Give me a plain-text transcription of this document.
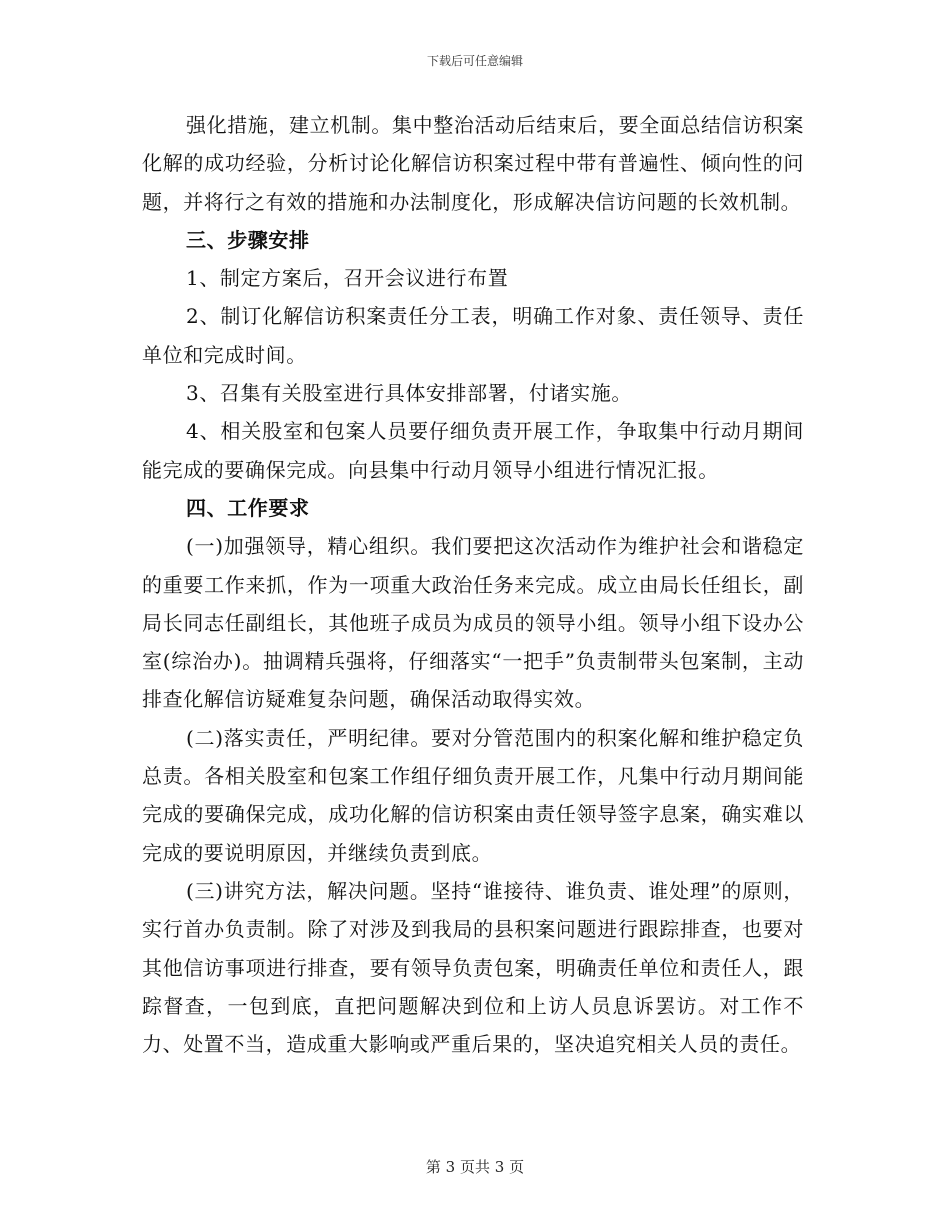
下载后可任意编辑

强化措施，建立机制。集中整治活动后结束后，要全面总结信访积案化解的成功经验，分析讨论化解信访积案过程中带有普遍性、倾向性的问题，并将行之有效的措施和办法制度化，形成解决信访问题的长效机制。

三、步骤安排

1、制定方案后，召开会议进行布置

2、制订化解信访积案责任分工表，明确工作对象、责任领导、责任单位和完成时间。

3、召集有关股室进行具体安排部署，付诸实施。

4、相关股室和包案人员要仔细负责开展工作，争取集中行动月期间能完成的要确保完成。向县集中行动月领导小组进行情况汇报。

四、工作要求

(一)加强领导，精心组织。我们要把这次活动作为维护社会和谐稳定的重要工作来抓，作为一项重大政治任务来完成。成立由局长任组长，副局长同志任副组长，其他班子成员为成员的领导小组。领导小组下设办公室(综治办)。抽调精兵强将，仔细落实“一把手”负责制带头包案制，主动排查化解信访疑难复杂问题，确保活动取得实效。

(二)落实责任，严明纪律。要对分管范围内的积案化解和维护稳定负总责。各相关股室和包案工作组仔细负责开展工作，凡集中行动月期间能完成的要确保完成，成功化解的信访积案由责任领导签字息案，确实难以完成的要说明原因，并继续负责到底。

(三)讲究方法，解决问题。坚持“谁接待、谁负责、谁处理”的原则，实行首办负责制。除了对涉及到我局的县积案问题进行跟踪排查，也要对其他信访事项进行排查，要有领导负责包案，明确责任单位和责任人，跟踪督查，一包到底，直把问题解决到位和上访人员息诉罢访。对工作不力、处置不当，造成重大影响或严重后果的，坚决追究相关人员的责任。

第 3 页共 3 页
